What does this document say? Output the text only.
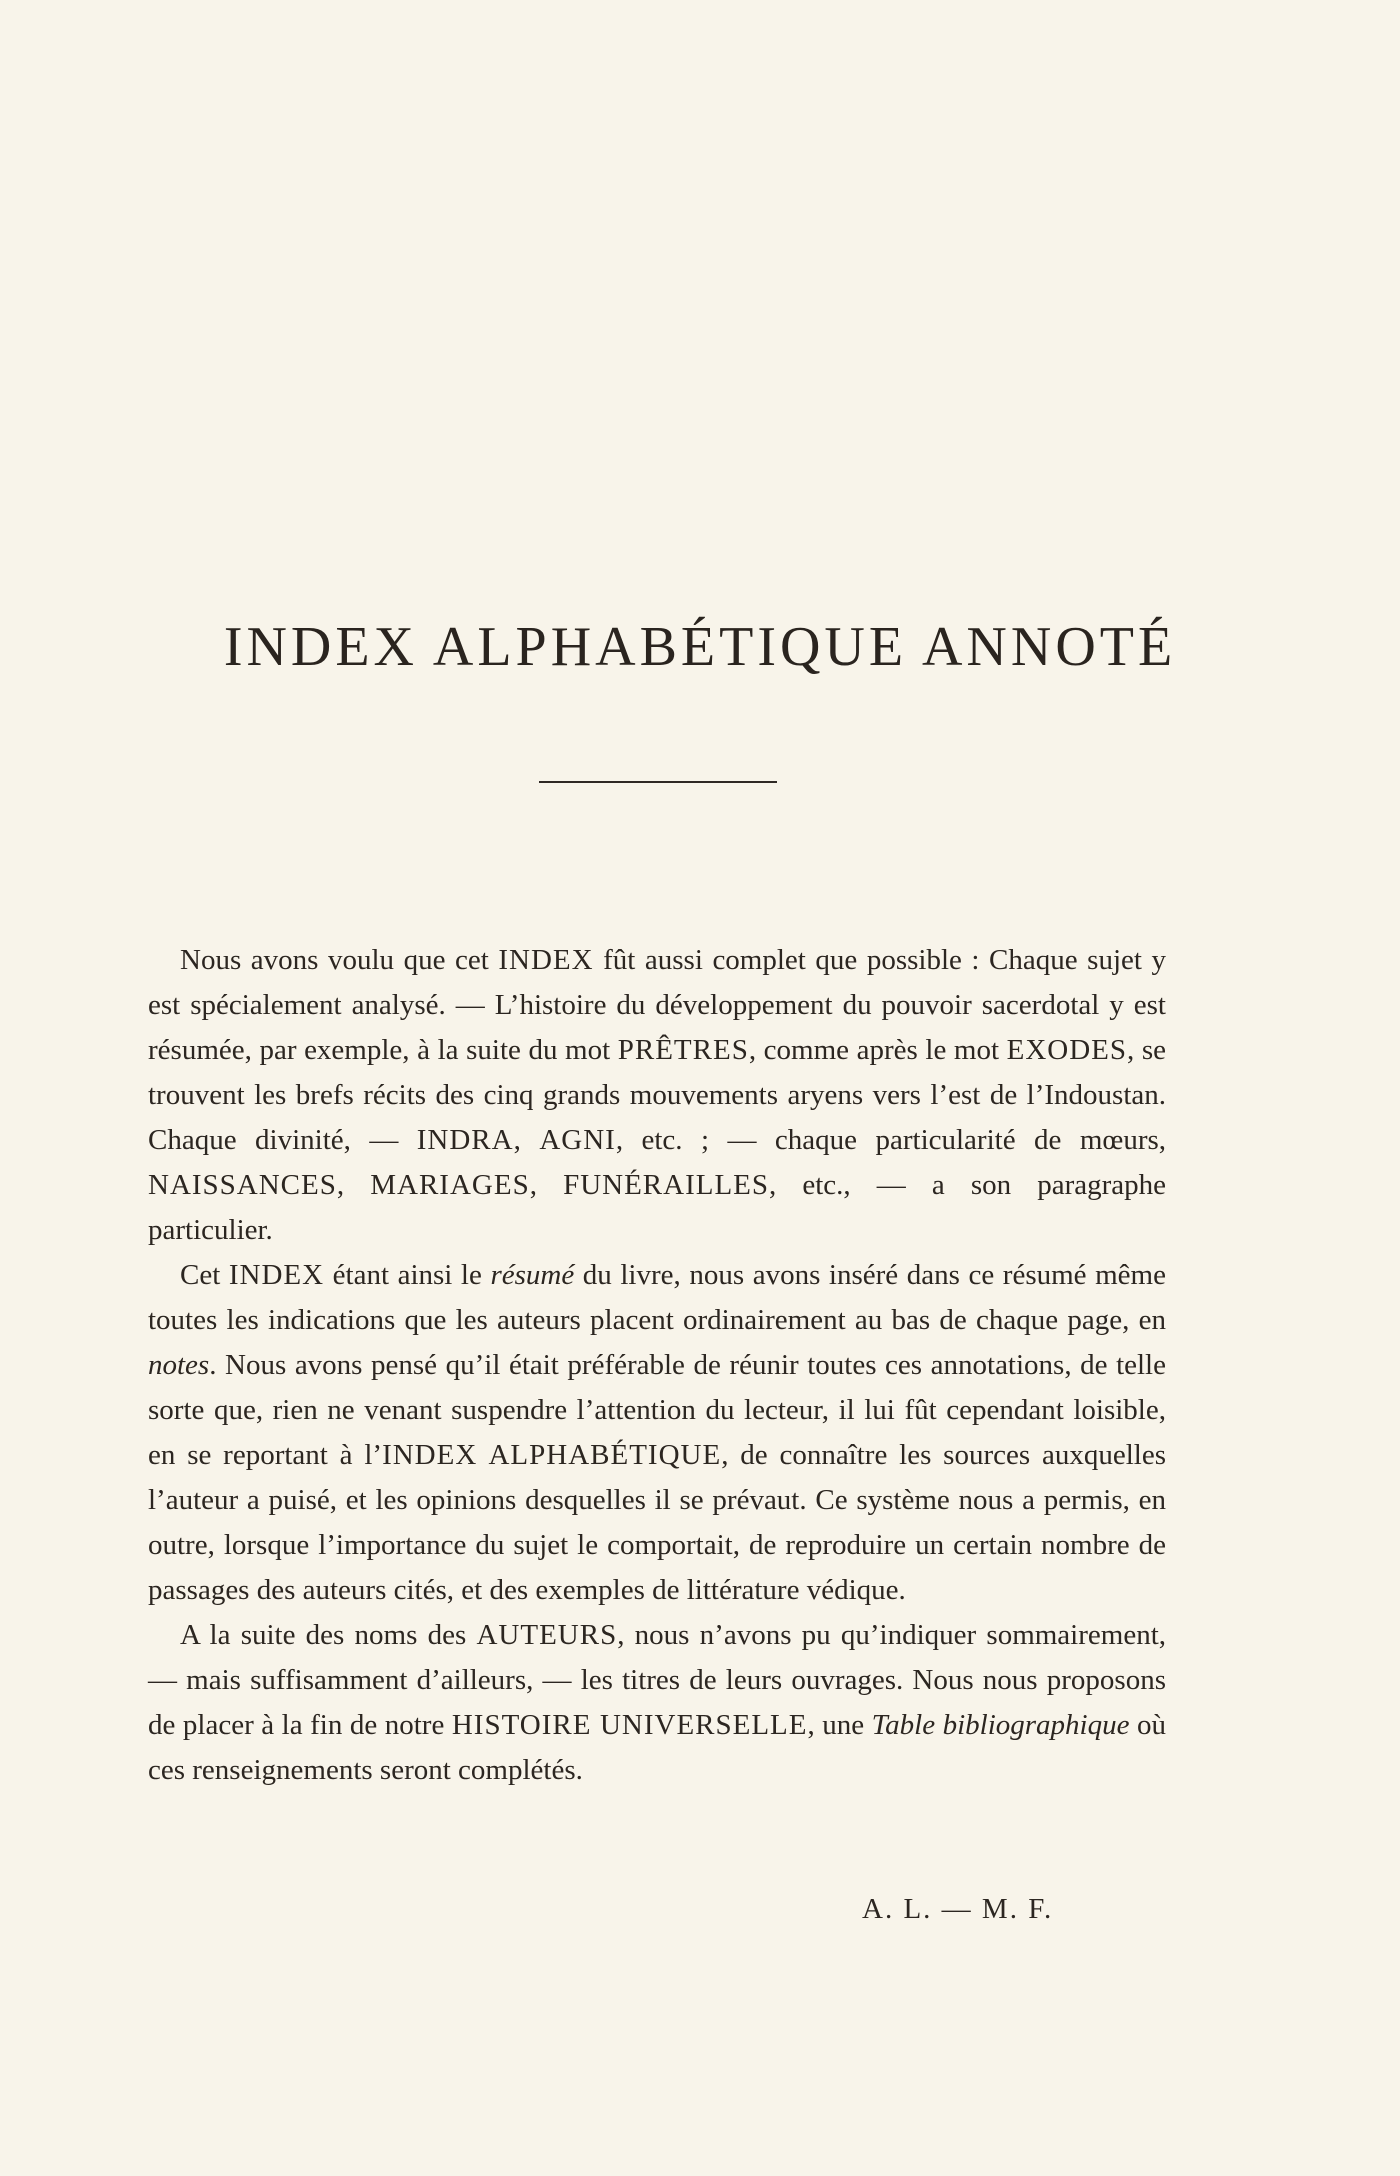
INDEX ALPHABÉTIQUE ANNOTÉ

Nous avons voulu que cet INDEX fût aussi complet que possible : Chaque sujet y est spécialement analysé. — L’histoire du développement du pouvoir sacerdotal y est résumée, par exemple, à la suite du mot PRÊTRES, comme après le mot EXODES, se trouvent les brefs récits des cinq grands mouvements aryens vers l’est de l’Indoustan. Chaque divinité, — INDRA, AGNI, etc. ; — chaque particularité de mœurs, NAISSANCES, MARIAGES, FUNÉRAILLES, etc., — a son paragraphe particulier.

Cet INDEX étant ainsi le résumé du livre, nous avons inséré dans ce résumé même toutes les indications que les auteurs placent ordinairement au bas de chaque page, en notes. Nous avons pensé qu’il était préférable de réunir toutes ces annotations, de telle sorte que, rien ne venant suspendre l’attention du lecteur, il lui fût cependant loisible, en se reportant à l’INDEX ALPHABÉTIQUE, de connaître les sources auxquelles l’auteur a puisé, et les opinions desquelles il se prévaut. Ce système nous a permis, en outre, lorsque l’importance du sujet le comportait, de reproduire un certain nombre de passages des auteurs cités, et des exemples de littérature védique.

A la suite des noms des AUTEURS, nous n’avons pu qu’indiquer sommairement, — mais suffisamment d’ailleurs, — les titres de leurs ouvrages. Nous nous proposons de placer à la fin de notre HISTOIRE UNIVERSELLE, une Table bibliographique où ces renseignements seront complétés.

A. L. — M. F.
